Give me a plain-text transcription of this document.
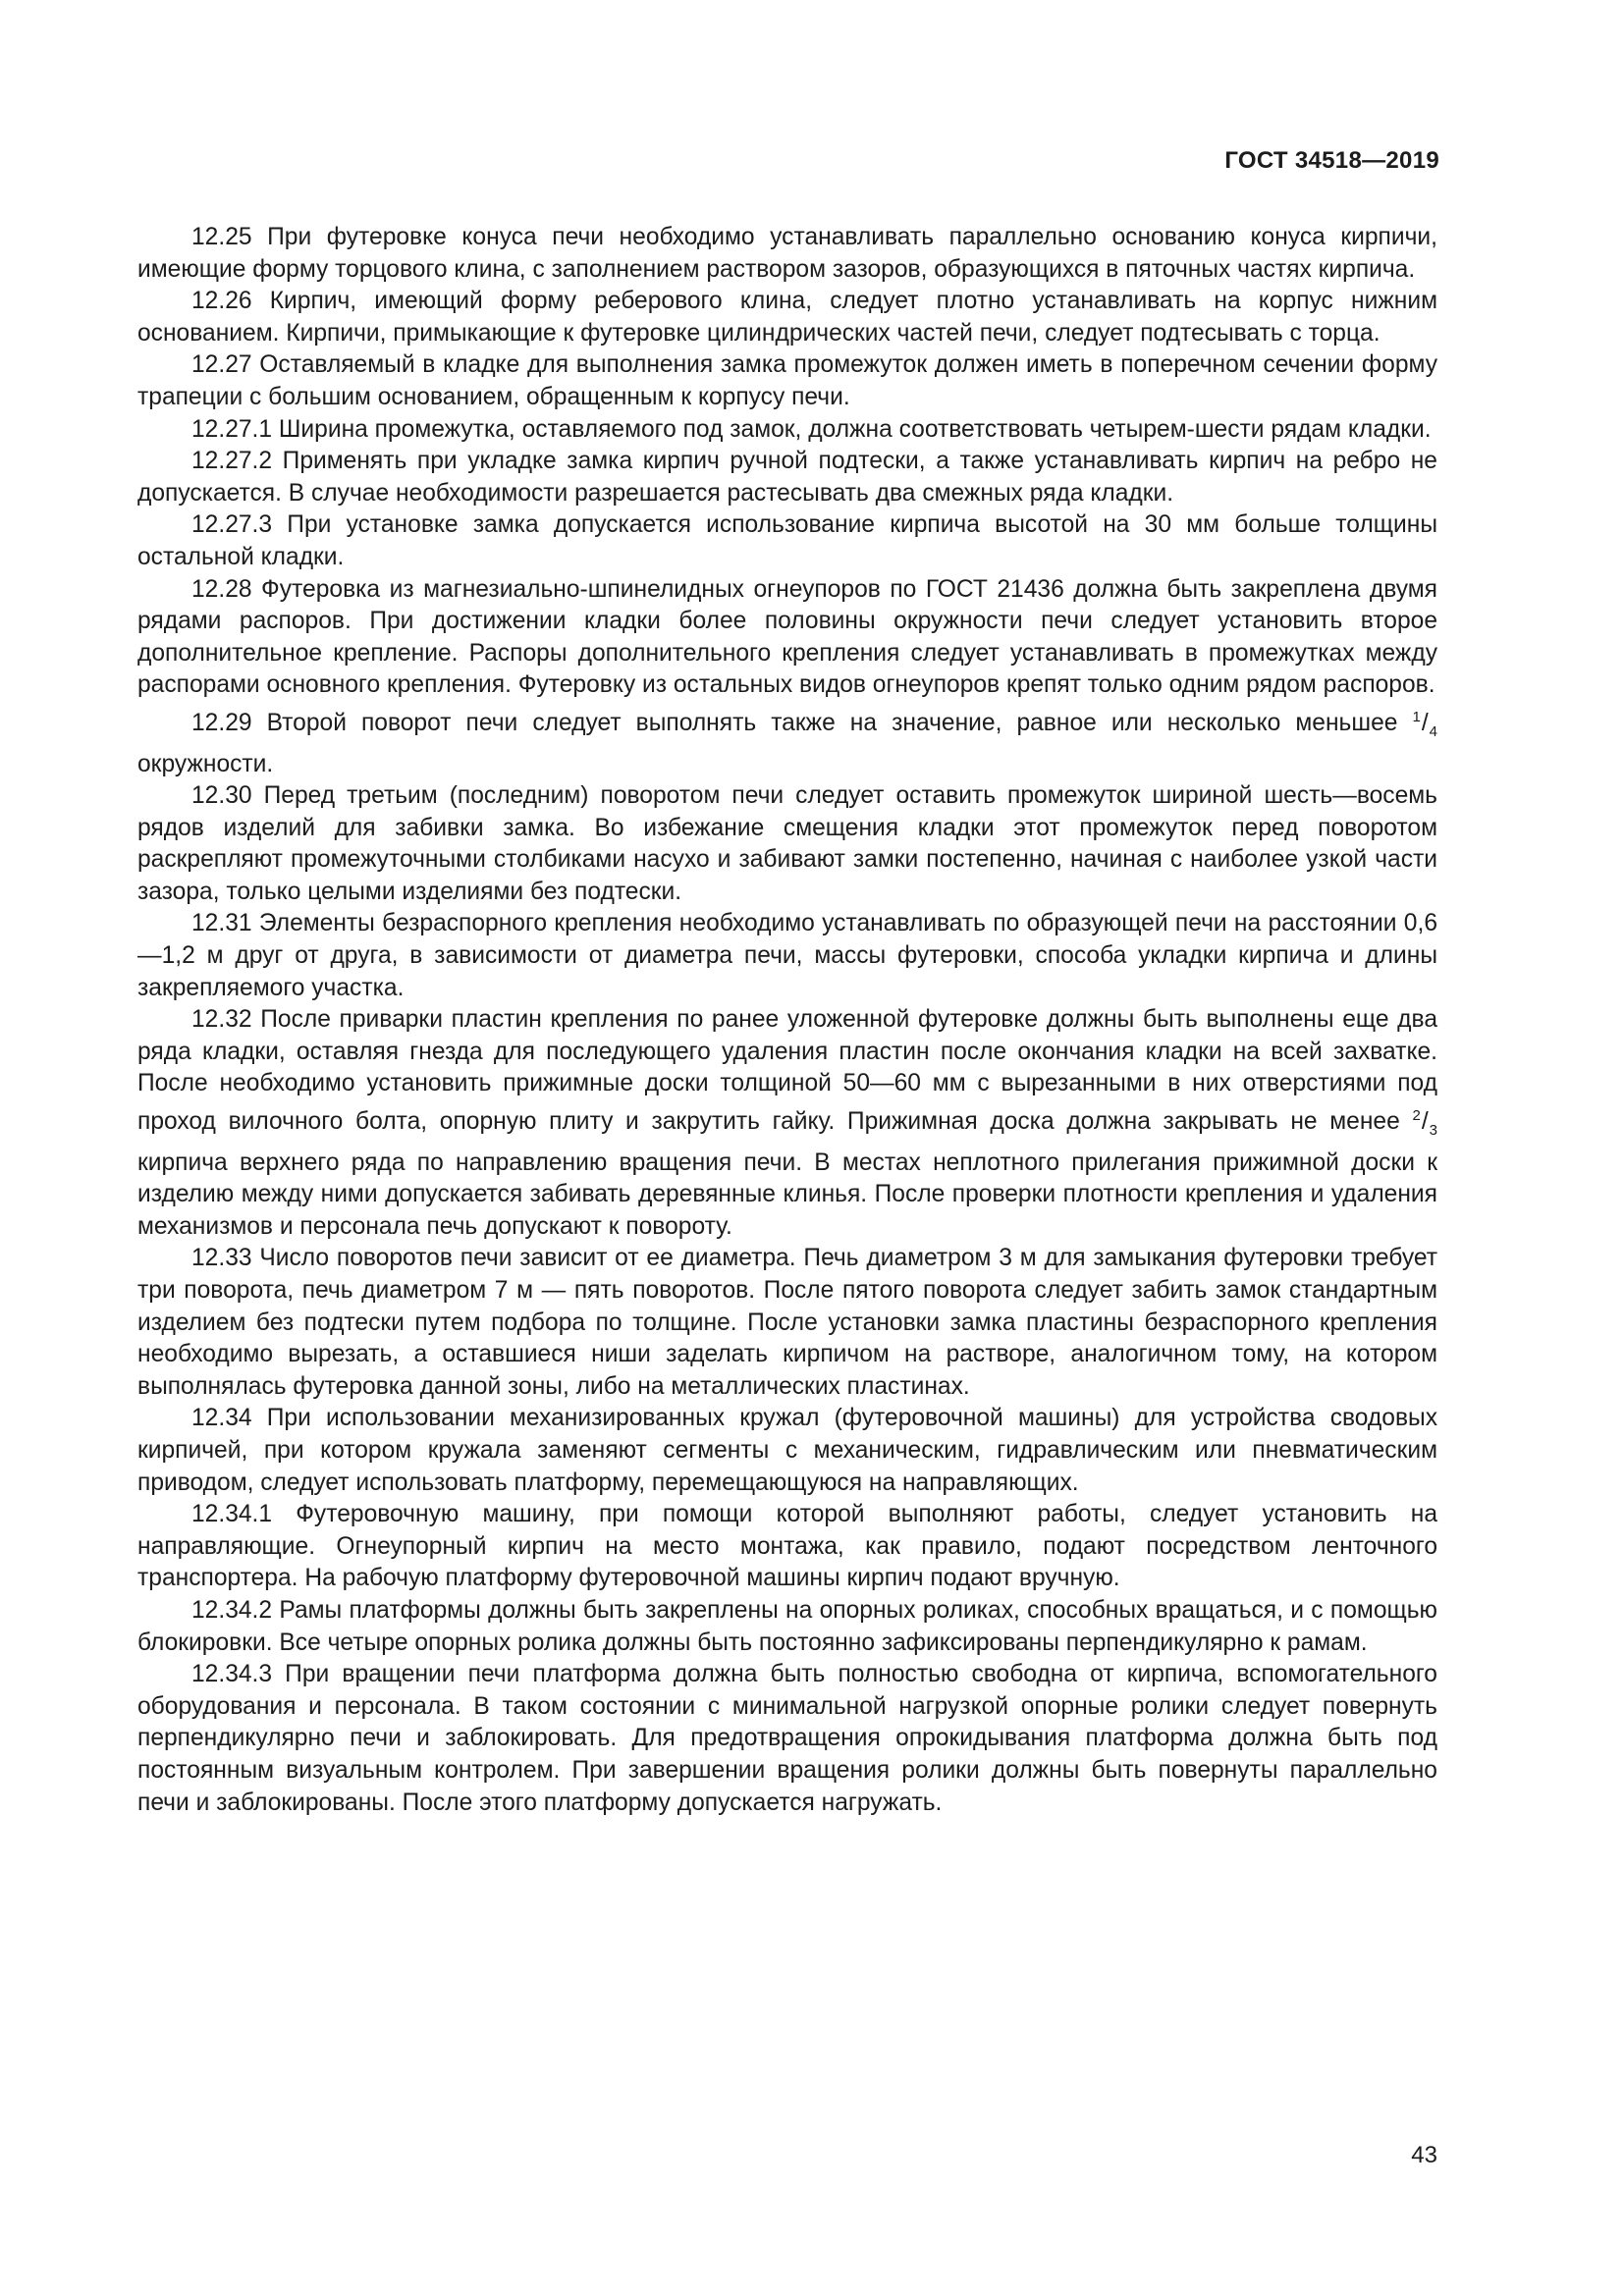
ГОСТ 34518—2019

12.25 При футеровке конуса печи необходимо устанавливать параллельно основанию конуса кирпичи, имеющие форму торцового клина, с заполнением раствором зазоров, образующихся в пяточных частях кирпича.

12.26 Кирпич, имеющий форму реберового клина, следует плотно устанавливать на корпус нижним основанием. Кирпичи, примыкающие к футеровке цилиндрических частей печи, следует подтесывать с торца.

12.27 Оставляемый в кладке для выполнения замка промежуток должен иметь в поперечном сечении форму трапеции с большим основанием, обращенным к корпусу печи.

12.27.1 Ширина промежутка, оставляемого под замок, должна соответствовать четырем-шести рядам кладки.

12.27.2 Применять при укладке замка кирпич ручной подтески, а также устанавливать кирпич на ребро не допускается. В случае необходимости разрешается растесывать два смежных ряда кладки.

12.27.3 При установке замка допускается использование кирпича высотой на 30 мм больше толщины остальной кладки.

12.28 Футеровка из магнезиально-шпинелидных огнеупоров по ГОСТ 21436 должна быть закреплена двумя рядами распоров. При достижении кладки более половины окружности печи следует установить второе дополнительное крепление. Распоры дополнительного крепления следует устанавливать в промежутках между распорами основного крепления. Футеровку из остальных видов огнеупоров крепят только одним рядом распоров.

12.29 Второй поворот печи следует выполнять также на значение, равное или несколько меньшее $^1/_4$ окружности.

12.30 Перед третьим (последним) поворотом печи следует оставить промежуток шириной шесть—восемь рядов изделий для забивки замка. Во избежание смещения кладки этот промежуток перед поворотом раскрепляют промежуточными столбиками насухо и забивают замки постепенно, начиная с наиболее узкой части зазора, только целыми изделиями без подтески.

12.31 Элементы безраспорного крепления необходимо устанавливать по образующей печи на расстоянии 0,6—1,2 м друг от друга, в зависимости от диаметра печи, массы футеровки, способа укладки кирпича и длины закрепляемого участка.

12.32 После приварки пластин крепления по ранее уложенной футеровке должны быть выполнены еще два ряда кладки, оставляя гнезда для последующего удаления пластин после окончания кладки на всей захватке. После необходимо установить прижимные доски толщиной 50—60 мм с вырезанными в них отверстиями под проход вилочного болта, опорную плиту и закрутить гайку. Прижимная доска должна закрывать не менее $^2/_3$ кирпича верхнего ряда по направлению вращения печи. В местах неплотного прилегания прижимной доски к изделию между ними допускается забивать деревянные клинья. После проверки плотности крепления и удаления механизмов и персонала печь допускают к повороту.

12.33 Число поворотов печи зависит от ее диаметра. Печь диаметром 3 м для замыкания футеровки требует три поворота, печь диаметром 7 м — пять поворотов. После пятого поворота следует забить замок стандартным изделием без подтески путем подбора по толщине. После установки замка пластины безраспорного крепления необходимо вырезать, а оставшиеся ниши заделать кирпичом на растворе, аналогичном тому, на котором выполнялась футеровка данной зоны, либо на металлических пластинах.

12.34 При использовании механизированных кружал (футеровочной машины) для устройства сводовых кирпичей, при котором кружала заменяют сегменты с механическим, гидравлическим или пневматическим приводом, следует использовать платформу, перемещающуюся на направляющих.

12.34.1 Футеровочную машину, при помощи которой выполняют работы, следует установить на направляющие. Огнеупорный кирпич на место монтажа, как правило, подают посредством ленточного транспортера. На рабочую платформу футеровочной машины кирпич подают вручную.

12.34.2 Рамы платформы должны быть закреплены на опорных роликах, способных вращаться, и с помощью блокировки. Все четыре опорных ролика должны быть постоянно зафиксированы перпендикулярно к рамам.

12.34.3 При вращении печи платформа должна быть полностью свободна от кирпича, вспомогательного оборудования и персонала. В таком состоянии с минимальной нагрузкой опорные ролики следует повернуть перпендикулярно печи и заблокировать. Для предотвращения опрокидывания платформа должна быть под постоянным визуальным контролем. При завершении вращения ролики должны быть повернуты параллельно печи и заблокированы. После этого платформу допускается нагружать.

43
